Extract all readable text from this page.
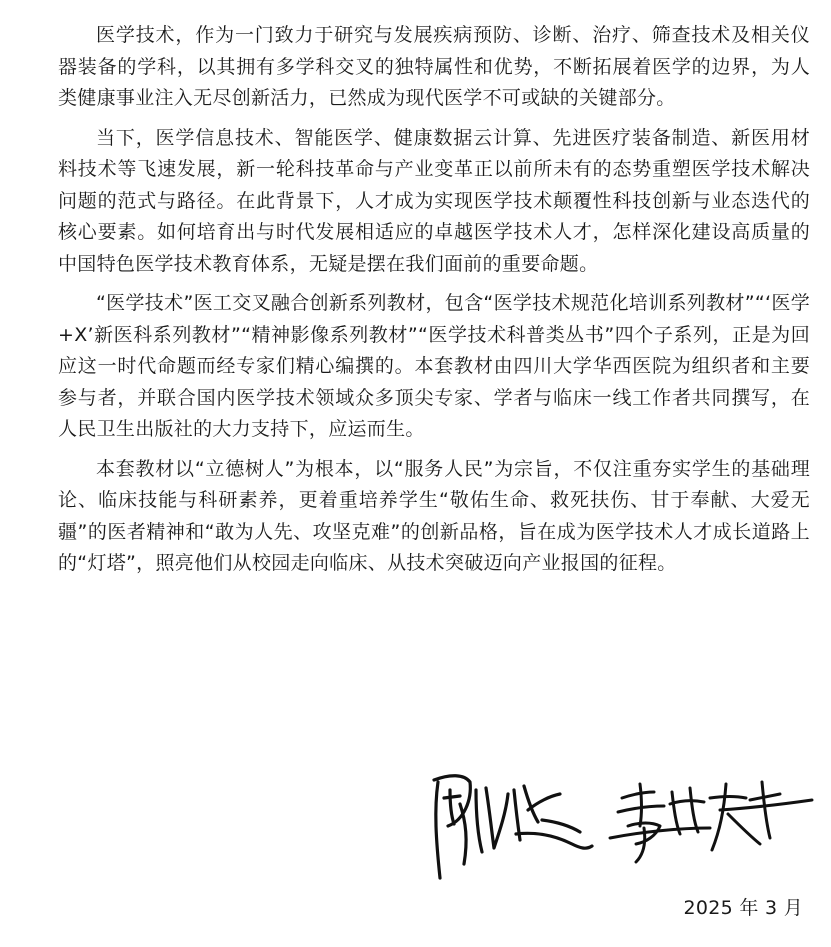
医学技术，作为一门致力于研究与发展疾病预防、诊断、治疗、筛查技术及相关仪器装备的学科，以其拥有多学科交叉的独特属性和优势，不断拓展着医学的边界，为人类健康事业注入无尽创新活力，已然成为现代医学不可或缺的关键部分。

当下，医学信息技术、智能医学、健康数据云计算、先进医疗装备制造、新医用材料技术等飞速发展，新一轮科技革命与产业变革正以前所未有的态势重塑医学技术解决问题的范式与路径。在此背景下，人才成为实现医学技术颠覆性科技创新与业态迭代的核心要素。如何培育出与时代发展相适应的卓越医学技术人才，怎样深化建设高质量的中国特色医学技术教育体系，无疑是摆在我们面前的重要命题。

“医学技术”医工交叉融合创新系列教材，包含“医学技术规范化培训系列教材”“‘医学+X’新医科系列教材”“精神影像系列教材”“医学技术科普类丛书”四个子系列，正是为回应这一时代命题而经专家们精心编撰的。本套教材由四川大学华西医院为组织者和主要参与者，并联合国内医学技术领域众多顶尖专家、学者与临床一线工作者共同撰写，在人民卫生出版社的大力支持下，应运而生。

本套教材以“立德树人”为根本，以“服务人民”为宗旨，不仅注重夯实学生的基础理论、临床技能与科研素养，更着重培养学生“敬佑生命、救死扶伤、甘于奉献、大爱无疆”的医者精神和“敢为人先、攻坚克难”的创新品格，旨在成为医学技术人才成长道路上的“灯塔”，照亮他们从校园走向临床、从技术突破迈向产业报国的征程。

2025 年 3 月
